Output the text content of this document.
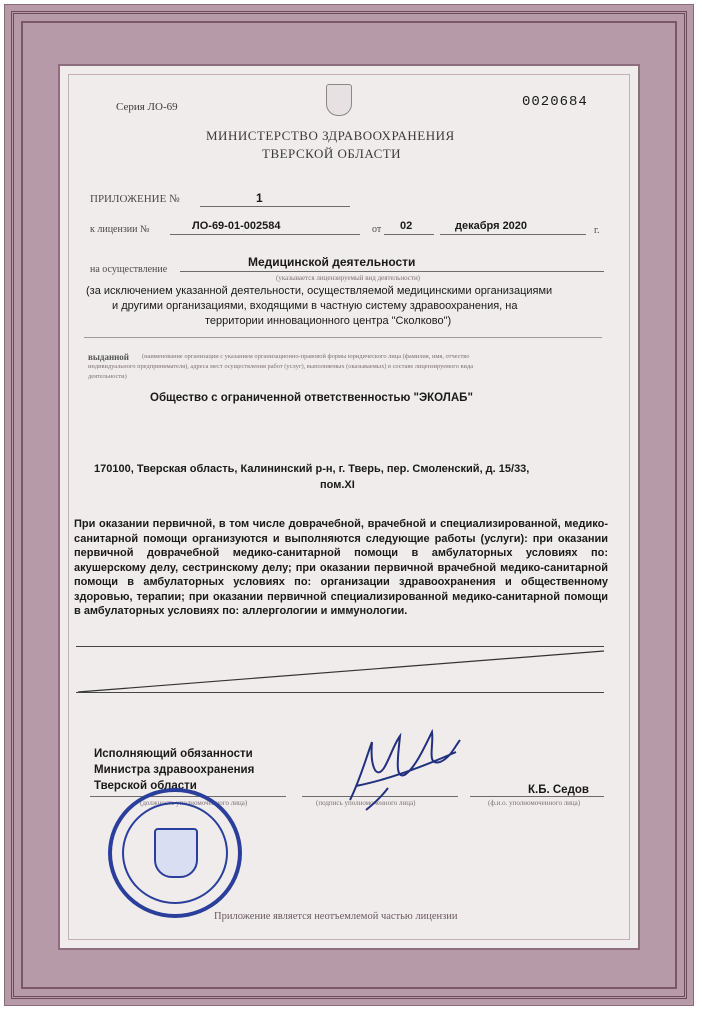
Серия ЛО-69	0020684
МИНИСТЕРСТВО ЗДРАВООХРАНЕНИЯ
ТВЕРСКОЙ ОБЛАСТИ
ПРИЛОЖЕНИЕ №	1
к лицензии №	ЛО-69-01-002584	от 02	декабря 2020	г.
на осуществление
Медицинской деятельности
(указывается лицензируемый вид деятельности)
(за исключением указанной деятельности, осуществляемой медицинскими организациями
и другими организациями, входящими в частную систему здравоохранения, на
территории инновационного центра "Сколково")
выданной (наименование организации с указанием организационно-правовой формы юридического лица (фамилия, имя, отчество
индивидуального предпринимателя), адреса мест осуществления работ (услуг), выполняемых (оказываемых) в составе лицензируемого вида
деятельности)
Общество с ограниченной ответственностью "ЭКОЛАБ"
170100, Тверская область, Калининский р-н, г. Тверь, пер. Смоленский, д. 15/33,
пом.XI
При оказании первичной, в том числе доврачебной, врачебной и специализированной, медико-санитарной помощи организуются и выполняются следующие работы (услуги): при оказании первичной доврачебной медико-санитарной помощи в амбулаторных условиях по: акушерскому делу, сестринскому делу; при оказании первичной врачебной медико-санитарной помощи в амбулаторных условиях по: организации здравоохранения и общественному здоровью, терапии; при оказании первичной специализированной медико-санитарной помощи в амбулаторных условиях по: аллергологии и иммунологии.
Исполняющий обязанности
Министра здравоохранения
Тверской области
(должность уполномоченного лица)	(подпись уполномоченного лица)
К.Б. Седов
(ф.и.о. уполномоченного лица)
Приложение является неотъемлемой частью лицензии
